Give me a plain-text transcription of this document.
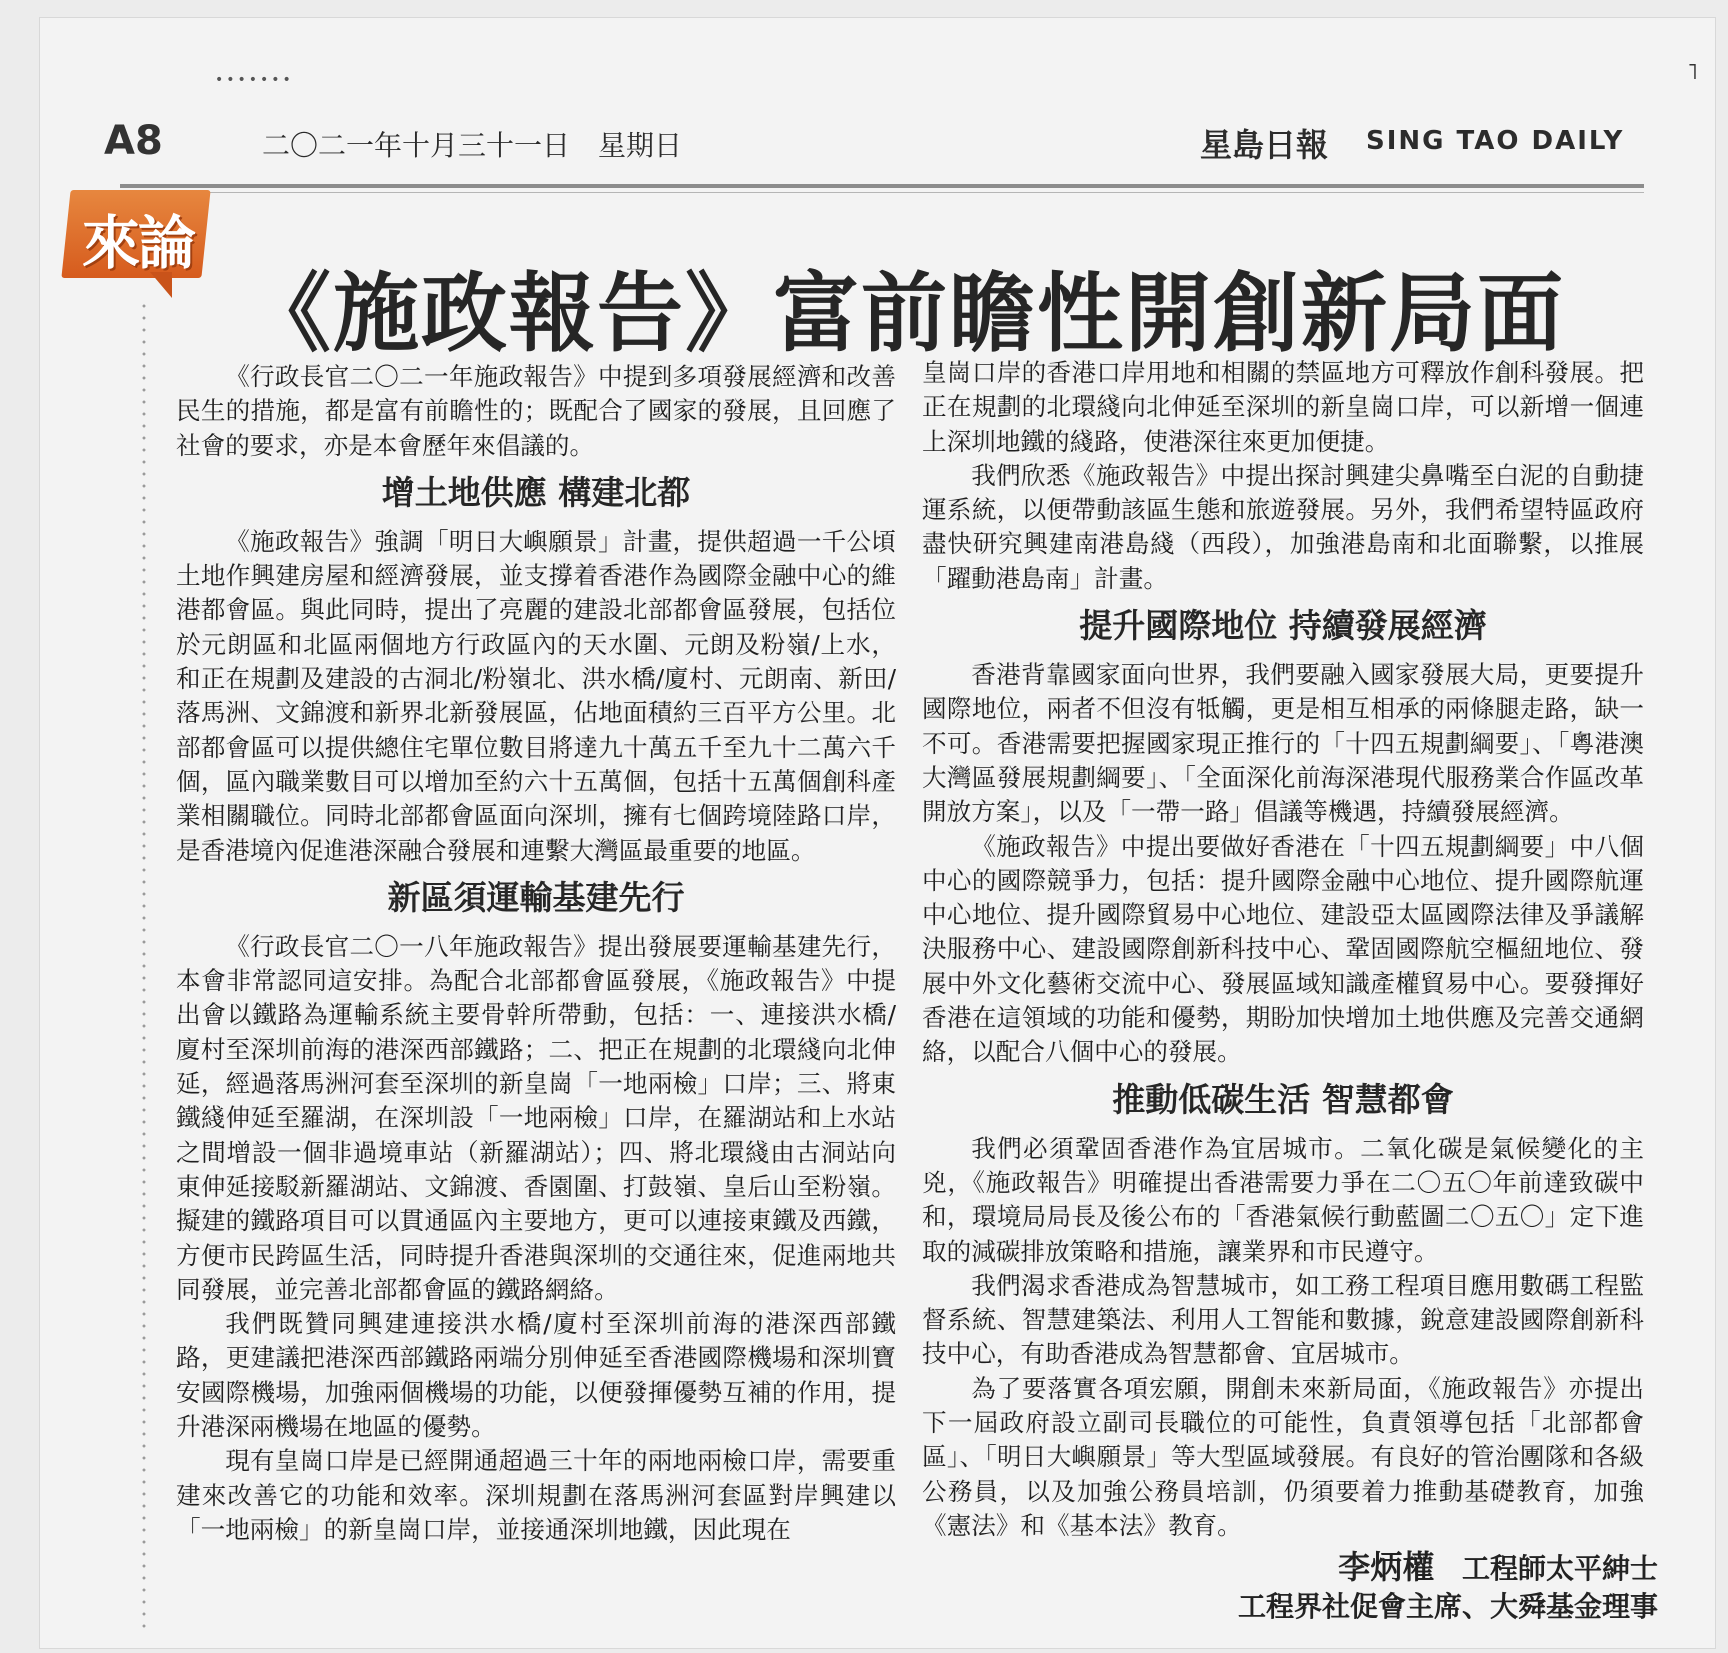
•••••••	˥
A8	二〇二一年十月三十一日　星期日	星島日報 SING TAO DAILY
來論
《施政報告》富前瞻性開創新局面

《行政長官二〇二一年施政報告》中提到多項發展經濟和改善民生的措施，都是富有前瞻性的；既配合了國家的發展，且回應了社會的要求，亦是本會歷年來倡議的。

增土地供應 構建北都

《施政報告》強調「明日大嶼願景」計畫，提供超過一千公頃土地作興建房屋和經濟發展，並支撐着香港作為國際金融中心的維港都會區。與此同時，提出了亮麗的建設北部都會區發展，包括位於元朗區和北區兩個地方行政區內的天水圍、元朗及粉嶺/上水，和正在規劃及建設的古洞北/粉嶺北、洪水橋/廈村、元朗南、新田/落馬洲、文錦渡和新界北新發展區，佔地面積約三百平方公里。北部都會區可以提供總住宅單位數目將達九十萬五千至九十二萬六千個，區內職業數目可以增加至約六十五萬個，包括十五萬個創科產業相關職位。同時北部都會區面向深圳，擁有七個跨境陸路口岸，是香港境內促進港深融合發展和連繫大灣區最重要的地區。

新區須運輸基建先行

《行政長官二〇一八年施政報告》提出發展要運輸基建先行，本會非常認同這安排。為配合北部都會區發展，《施政報告》中提出會以鐵路為運輸系統主要骨幹所帶動，包括：一、連接洪水橋/廈村至深圳前海的港深西部鐵路；二、把正在規劃的北環綫向北伸延，經過落馬洲河套至深圳的新皇崗「一地兩檢」口岸；三、將東鐵綫伸延至羅湖，在深圳設「一地兩檢」口岸，在羅湖站和上水站之間增設一個非過境車站（新羅湖站）；四、將北環綫由古洞站向東伸延接駁新羅湖站、文錦渡、香園圍、打鼓嶺、皇后山至粉嶺。擬建的鐵路項目可以貫通區內主要地方，更可以連接東鐵及西鐵，方便市民跨區生活，同時提升香港與深圳的交通往來，促進兩地共同發展，並完善北部都會區的鐵路網絡。

我們既贊同興建連接洪水橋/廈村至深圳前海的港深西部鐵路，更建議把港深西部鐵路兩端分別伸延至香港國際機場和深圳寶安國際機場，加強兩個機場的功能，以便發揮優勢互補的作用，提升港深兩機場在地區的優勢。

現有皇崗口岸是已經開通超過三十年的兩地兩檢口岸，需要重建來改善它的功能和效率。深圳規劃在落馬洲河套區對岸興建以「一地兩檢」的新皇崗口岸，並接通深圳地鐵，因此現在

皇崗口岸的香港口岸用地和相關的禁區地方可釋放作創科發展。把正在規劃的北環綫向北伸延至深圳的新皇崗口岸，可以新增一個連上深圳地鐵的綫路，使港深往來更加便捷。

我們欣悉《施政報告》中提出探討興建尖鼻嘴至白泥的自動捷運系統，以便帶動該區生態和旅遊發展。另外，我們希望特區政府盡快研究興建南港島綫（西段），加強港島南和北面聯繫，以推展「躍動港島南」計畫。

提升國際地位 持續發展經濟

香港背靠國家面向世界，我們要融入國家發展大局，更要提升國際地位，兩者不但沒有牴觸，更是相互相承的兩條腿走路，缺一不可。香港需要把握國家現正推行的「十四五規劃綱要」、「粵港澳大灣區發展規劃綱要」、「全面深化前海深港現代服務業合作區改革開放方案」，以及「一帶一路」倡議等機遇，持續發展經濟。

《施政報告》中提出要做好香港在「十四五規劃綱要」中八個中心的國際競爭力，包括：提升國際金融中心地位、提升國際航運中心地位、提升國際貿易中心地位、建設亞太區國際法律及爭議解決服務中心、建設國際創新科技中心、鞏固國際航空樞紐地位、發展中外文化藝術交流中心、發展區域知識產權貿易中心。要發揮好香港在這領域的功能和優勢，期盼加快增加土地供應及完善交通網絡，以配合八個中心的發展。

推動低碳生活 智慧都會

我們必須鞏固香港作為宜居城市。二氧化碳是氣候變化的主兇，《施政報告》明確提出香港需要力爭在二〇五〇年前達致碳中和，環境局局長及後公布的「香港氣候行動藍圖二〇五〇」定下進取的減碳排放策略和措施，讓業界和市民遵守。

我們渴求香港成為智慧城市，如工務工程項目應用數碼工程監督系統、智慧建築法、利用人工智能和數據，銳意建設國際創新科技中心，有助香港成為智慧都會、宜居城市。

為了要落實各項宏願，開創未來新局面，《施政報告》亦提出下一屆政府設立副司長職位的可能性，負責領導包括「北部都會區」、「明日大嶼願景」等大型區域發展。有良好的管治團隊和各級公務員，以及加強公務員培訓，仍須要着力推動基礎教育，加強《憲法》和《基本法》教育。

李炳權 工程師太平紳士
工程界社促會主席、大舜基金理事
